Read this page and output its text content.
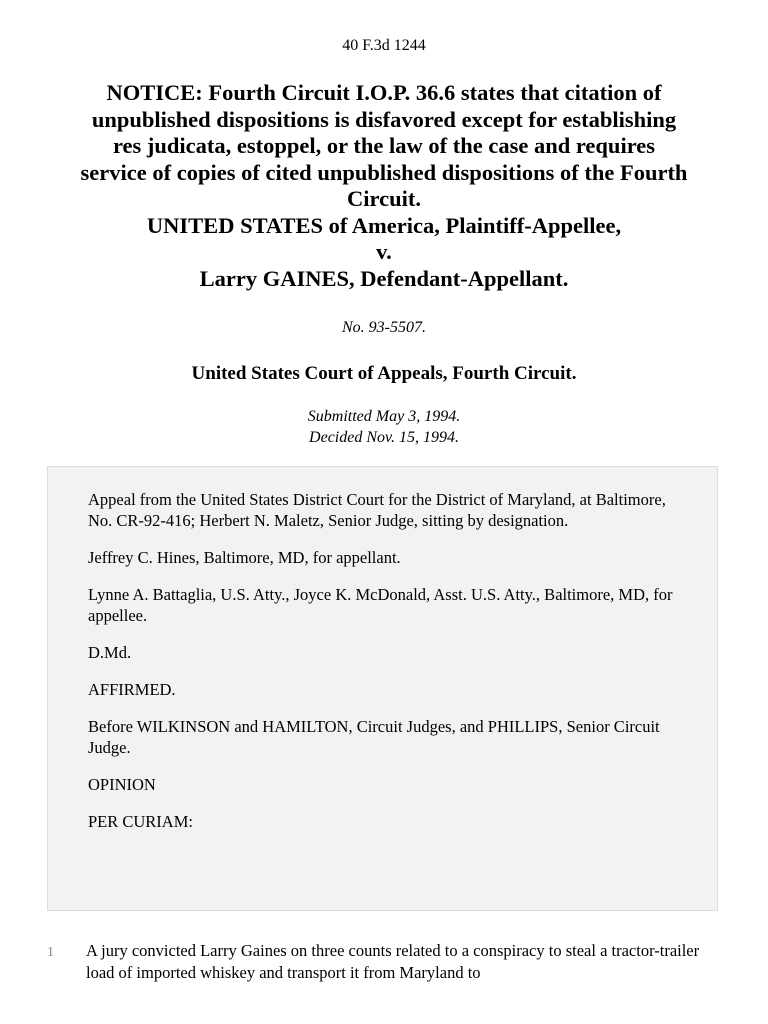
40 F.3d 1244
NOTICE: Fourth Circuit I.O.P. 36.6 states that citation of
unpublished dispositions is disfavored except for establishing
res judicata, estoppel, or the law of the case and requires
service of copies of cited unpublished dispositions of the Fourth
Circuit.
UNITED STATES of America, Plaintiff-Appellee,
v.
Larry GAINES, Defendant-Appellant.
No. 93-5507.
United States Court of Appeals, Fourth Circuit.
Submitted May 3, 1994.
Decided Nov. 15, 1994.

Appeal from the United States District Court for the District of Maryland, at Baltimore, No. CR-92-416; Herbert N. Maletz, Senior Judge, sitting by designation.

Jeffrey C. Hines, Baltimore, MD, for appellant.

Lynne A. Battaglia, U.S. Atty., Joyce K. McDonald, Asst. U.S. Atty., Baltimore, MD, for appellee.

D.Md.

AFFIRMED.

Before WILKINSON and HAMILTON, Circuit Judges, and PHILLIPS, Senior Circuit Judge.

OPINION

PER CURIAM:

1 A jury convicted Larry Gaines on three counts related to a conspiracy to steal a tractor-trailer load of imported whiskey and transport it from Maryland to
